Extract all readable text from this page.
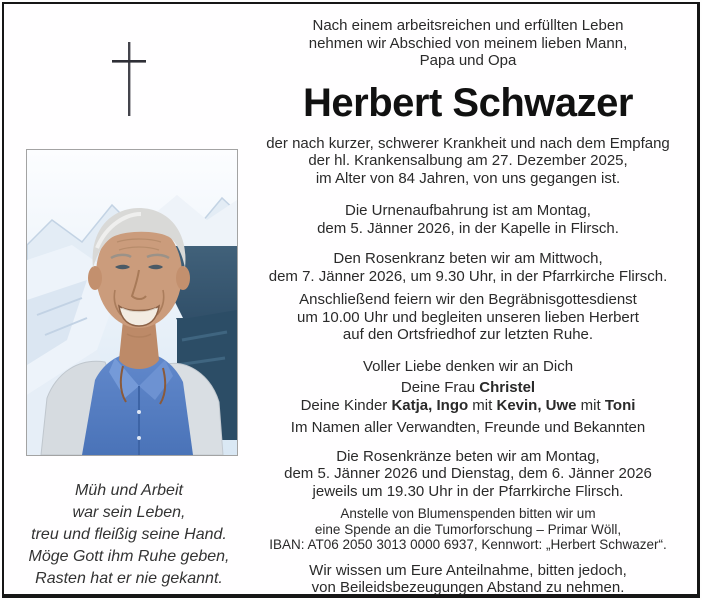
Müh und Arbeit
war sein Leben,
treu und fleißig seine Hand.
Möge Gott ihm Ruhe geben,
Rasten hat er nie gekannt.

Nach einem arbeitsreichen und erfüllten Leben
nehmen wir Abschied von meinem lieben Mann,
Papa und Opa

Herbert Schwazer

der nach kurzer, schwerer Krankheit und nach dem Empfang
der hl. Krankensalbung am 27. Dezember 2025,
im Alter von 84 Jahren, von uns gegangen ist.

Die Urnenaufbahrung ist am Montag,
dem 5. Jänner 2026, in der Kapelle in Flirsch.

Den Rosenkranz beten wir am Mittwoch,
dem 7. Jänner 2026, um 9.30 Uhr, in der Pfarrkirche Flirsch.

Anschließend feiern wir den Begräbnisgottesdienst
um 10.00 Uhr und begleiten unseren lieben Herbert
auf den Ortsfriedhof zur letzten Ruhe.

Voller Liebe denken wir an Dich

Deine Frau Christel
Deine Kinder Katja, Ingo mit Kevin, Uwe mit Toni

Im Namen aller Verwandten, Freunde und Bekannten

Die Rosenkränze beten wir am Montag,
dem 5. Jänner 2026 und Dienstag, dem 6. Jänner 2026
jeweils um 19.30 Uhr in der Pfarrkirche Flirsch.

Anstelle von Blumenspenden bitten wir um
eine Spende an die Tumorforschung – Primar Wöll,
IBAN: AT06 2050 3013 0000 6937, Kennwort: „Herbert Schwazer“.

Wir wissen um Eure Anteilnahme, bitten jedoch,
von Beileidsbezeugungen Abstand zu nehmen.
